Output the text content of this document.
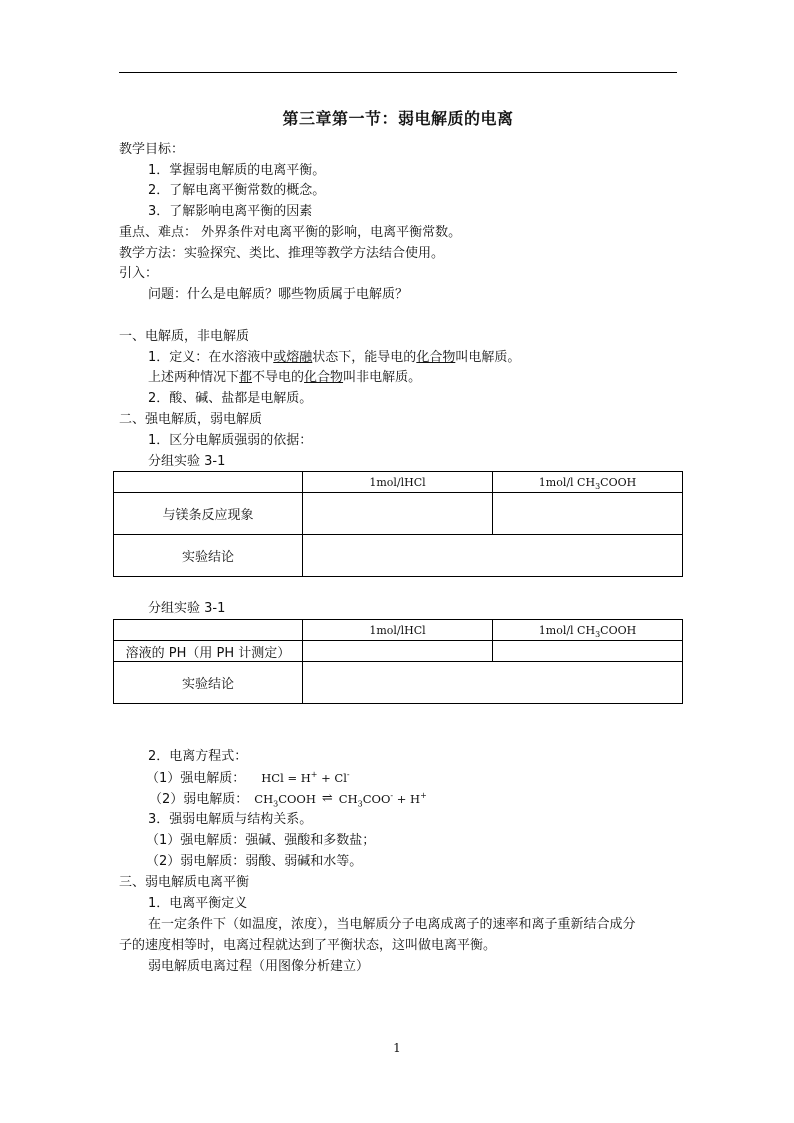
第三章第一节：弱电解质的电离
教学目标：
1．掌握弱电解质的电离平衡。
2．了解电离平衡常数的概念。
3．了解影响电离平衡的因素
重点、难点： 外界条件对电离平衡的影响，电离平衡常数。
教学方法：实验探究、类比、推理等教学方法结合使用。
引入：
问题：什么是电解质？哪些物质属于电解质？
一、电解质，非电解质
1．定义：在水溶液中或熔融状态下，能导电的化合物叫电解质。
上述两种情况下都不导电的化合物叫非电解质。
2．酸、碱、盐都是电解质。
二、强电解质，弱电解质
1．区分电解质强弱的依据：
分组实验 3-1
	1mol/lHCl	1mol/l $CH_3COOH$
与镁条反应现象		
实验结论		
分组实验 3-1
	1mol/lHCl	1mol/l $CH_3COOH$
溶液的 PH（用 PH 计测定）		
实验结论		
2．电离方程式：
（1）强电解质： HCl = H+ + Cl-
（2）弱电解质： $CH_3COOH$ ⇌ $CH_3COO^- + H^+$
3．强弱电解质与结构关系。
（1）强电解质：强碱、强酸和多数盐；
（2）弱电解质：弱酸、弱碱和水等。
三、弱电解质电离平衡
1．电离平衡定义
在一定条件下（如温度，浓度），当电解质分子电离成离子的速率和离子重新结合成分
子的速度相等时，电离过程就达到了平衡状态，这叫做电离平衡。
弱电解质电离过程（用图像分析建立）
1
